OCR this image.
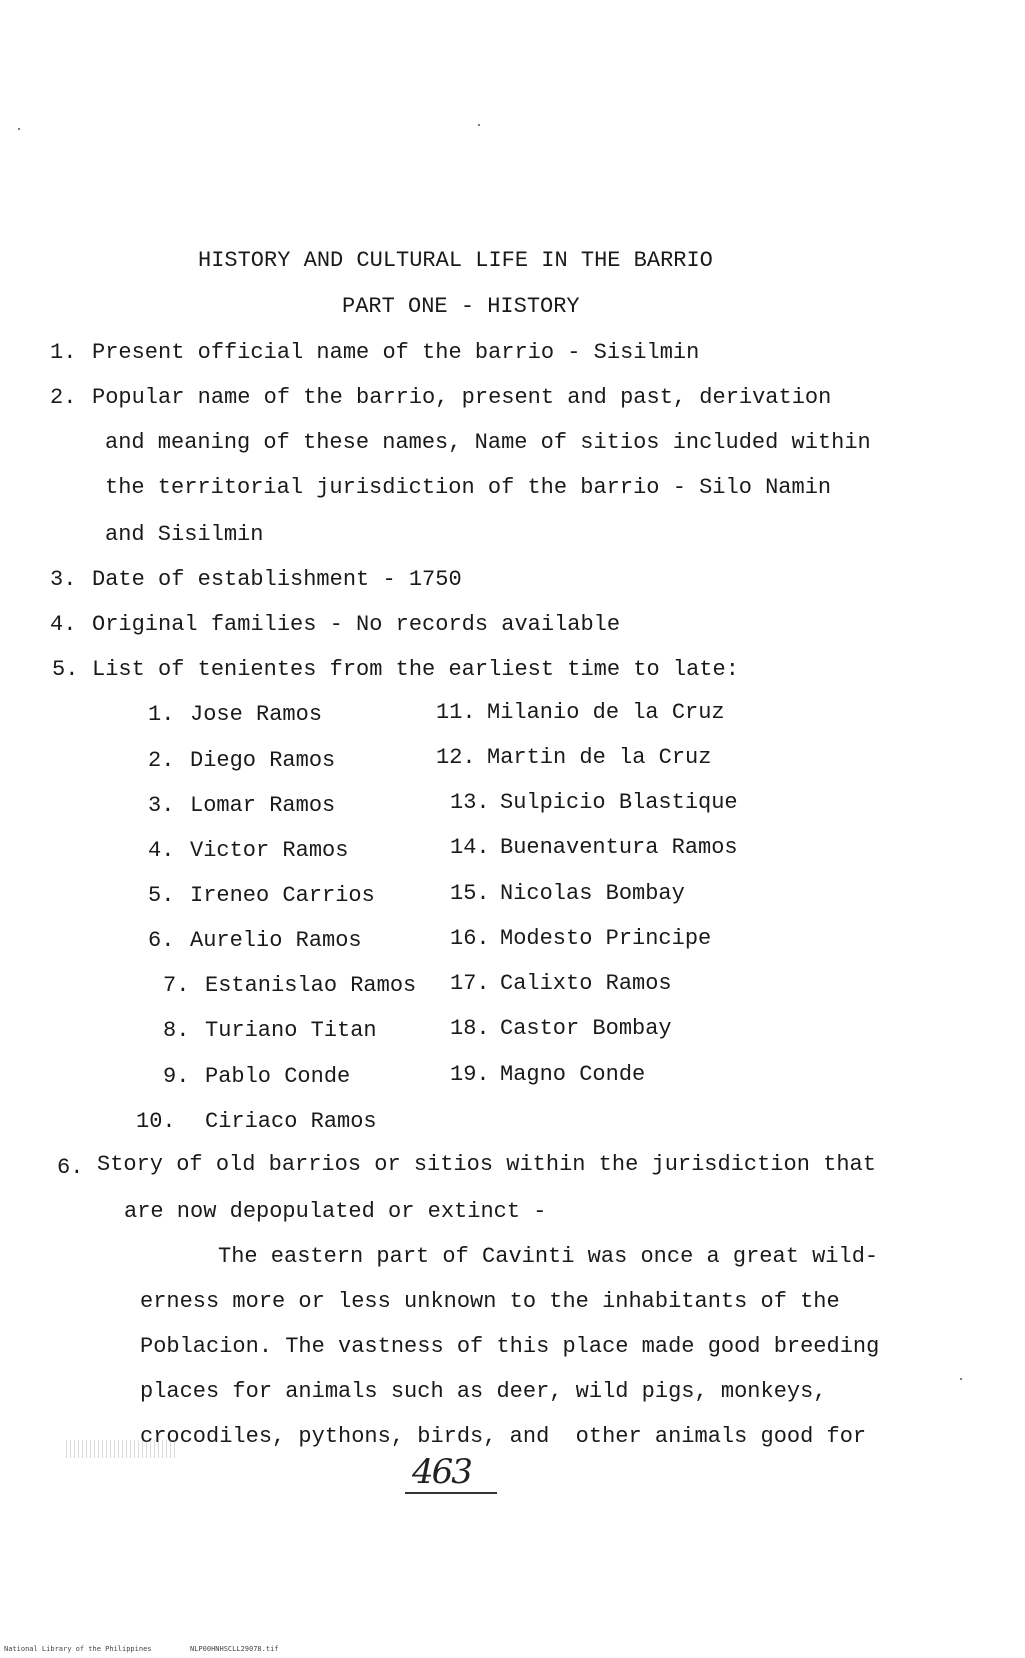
HISTORY AND CULTURAL LIFE IN THE BARRIO
PART ONE - HISTORY
1. Present official name of the barrio - Sisilmin
2. Popular name of the barrio, present and past, derivation
and meaning of these names, Name of sitios included within
the territorial jurisdiction of the barrio - Silo Namin
and Sisilmin
3. Date of establishment - 1750
4. Original families - No records available
5. List of tenientes from the earliest time to late:
1. Jose Ramos
2. Diego Ramos
3. Lomar Ramos
4. Victor Ramos
5. Ireneo Carrios
6. Aurelio Ramos
7. Estanislao Ramos
8. Turiano Titan
9. Pablo Conde
10. Ciriaco Ramos
11. Milanio de la Cruz
12. Martin de la Cruz
13. Sulpicio Blastique
14. Buenaventura Ramos
15. Nicolas Bombay
16. Modesto Principe
17. Calixto Ramos
18. Castor Bombay
19. Magno Conde
6. Story of old barrios or sitios within the jurisdiction that
are now depopulated or extinct -
The eastern part of Cavinti was once a great wild-
erness more or less unknown to the inhabitants of the
Poblacion. The vastness of this place made good breeding
places for animals such as deer, wild pigs, monkeys,
crocodiles, pythons, birds, and  other animals good for
463
National Library of the Philippines	NLP00HNHSCLL29078.tif
